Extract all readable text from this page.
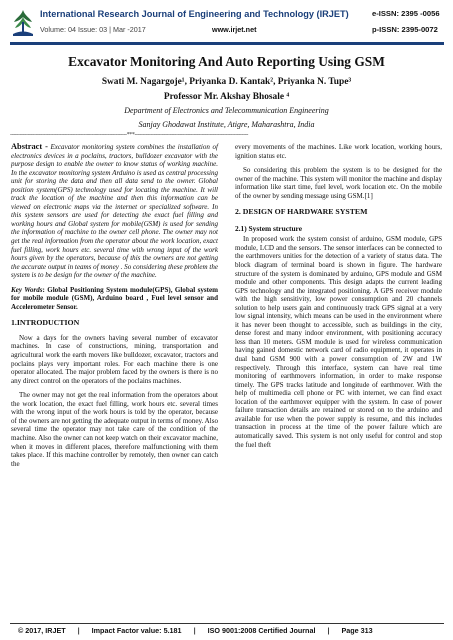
International Research Journal of Engineering and Technology (IRJET)	e-ISSN: 2395 -0056
Volume: 04 Issue: 03 | Mar -2017	www.irjet.net	p-ISSN: 2395-0072
Excavator Monitoring And Auto Reporting Using GSM
Swati M. Nagargoje¹, Priyanka D. Kantak², Priyanka N. Tupe³
Professor Mr. Akshay Bhosale ⁴
Department of Electronics and Telecommunication Engineering
Sanjay Ghodawat Institute, Atigre, Maharashtra, India
-------------------------------------------------------------------------***-----------------------------------------------------------------------

Abstract - Excavator monitoring system combines the installation of electronics devices in a poclains, tractors, bulldozer excavator with the purpose design to enable the owner to know status of working machine. In the excavator monitoring system Arduino is used as central processing unit for storing the data and then all data send to the owner. Global position system(GPS) technology used for locating the machine. It will track the location of the machine and then this information can be viewed on electronic maps via the internet or specialized software. In this system sensors are used for detecting the exact fuel filling and working hours and Global system for mobile(GSM) is used for sending the information of machine to the owner cell phone. The owner may not get the real information from the operator about the work location, exact fuel filling, work hours etc. several time with wrong input of the work hours given by the operators, because of this the owners are not getting the accurate output in teams of money . So considering these problem the system is to be design for the owner of the machine.

Key Words: Global Positioning System module(GPS), Global system for mobile module (GSM), Arduino board , Fuel level sensor and Accelerometer Sensor.

1.INTRODUCTION

Now a days for the owners having several number of excavator machines. In case of constructions, mining, transportation and agricultural work the earth movers like bulldozer, excavator, tractors and poclains plays very important roles. For each machine there is one operator allocated. The major problem faced by the owners is there is no any direct control on the operators of the poclains machines.

The owner may not get the real information from the operators about the work location, the exact fuel filling, work hours etc. several times with the wrong input of the work hours is told by the operator, because of the owners are not getting the adequate output in terms of money. Also several time the operator may not take care of the condition of the machine. Also the owner can not keep watch on their excavator machine, when it moves in different places, therefore malfunctioning with them takes place. If this machine controller by remotely, then owner can catch the

every movements of the machines. Like work location, working hours, ignition status etc.

So considering this problem the system is to be designed for the owner of the machine. This system will monitor the machine and display information like start time, fuel level, work location etc. On the mobile of the owner by sending message using GSM.[1]

2. DESIGN OF HARDWARE SYSTEM
2.1) System structure

In proposed work the system consist of arduino, GSM module, GPS module, LCD and the sensors. The sensor interfaces can be connected to the earthmovers unities for the detection of a variety of status data. The block diagram of terminal board is shown in figure. The hardware structure of the system is dominated by arduino, GPS module and GSM module and other components. This design adapts the current leading GPS technology and the integrated positioning. A GPS receiver module with the high sensitivity, low power consumption and 20 channels solution to help users gain and continuously track GPS signal at a very low signal intensity, which means can be used in the environment where it has never been thought to accessible, such as buildings in the city, dense forest and many indoor environment, with positioning accuracy less than 10 meters. GSM module is used for wireless communication having gained domestic network card of radio equipment, it operates in dual band GSM 900 with a power consumption of 2W and 1W respectively. Through this interface, system can have real time monitoring of earthmovers information, in order to make response timely. The GPS tracks latitude and longitude of earthmover. With the help of multimedia cell phone or PC with internet, we can find exact location of the earthmover equipper with the system. In case of power failure transaction details are retained or stored on to the arduino and available for use when the power supply is resume, and this includes transaction in process at the time of the power failure which are automatically saved. This system is not only useful for control and stop the fuel theft

© 2017, IRJET | Impact Factor value: 5.181 | ISO 9001:2008 Certified Journal | Page 313
